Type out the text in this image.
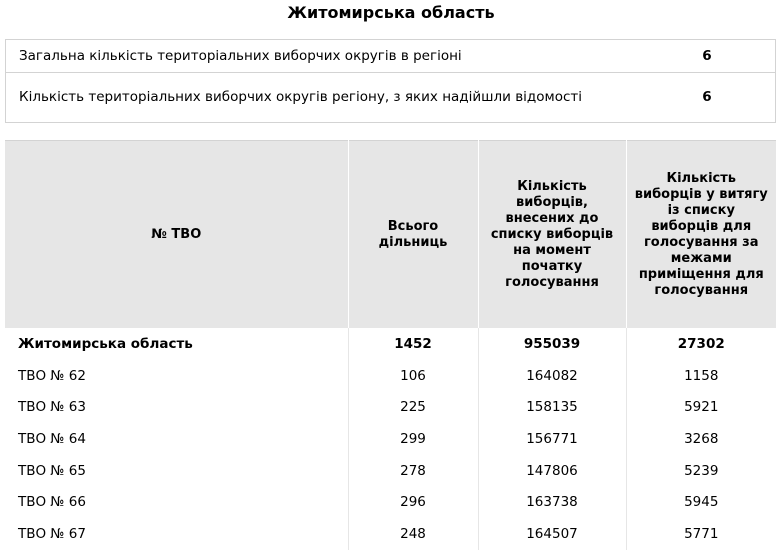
Житомирська область
Загальна кількість територіальних виборчих округів в регіоні	6
Кількість територіальних виборчих округів регіону, з яких надійшли відомості	6
№ ТВО	Всього дільниць	Кількість виборців, внесених до списку виборців на момент початку голосування	Кількість виборців у витягу із списку виборців для голосування за межами приміщення для голосування
Житомирська область	1452	955039	27302
ТВО № 62	106	164082	1158
ТВО № 63	225	158135	5921
ТВО № 64	299	156771	3268
ТВО № 65	278	147806	5239
ТВО № 66	296	163738	5945
ТВО № 67	248	164507	5771
